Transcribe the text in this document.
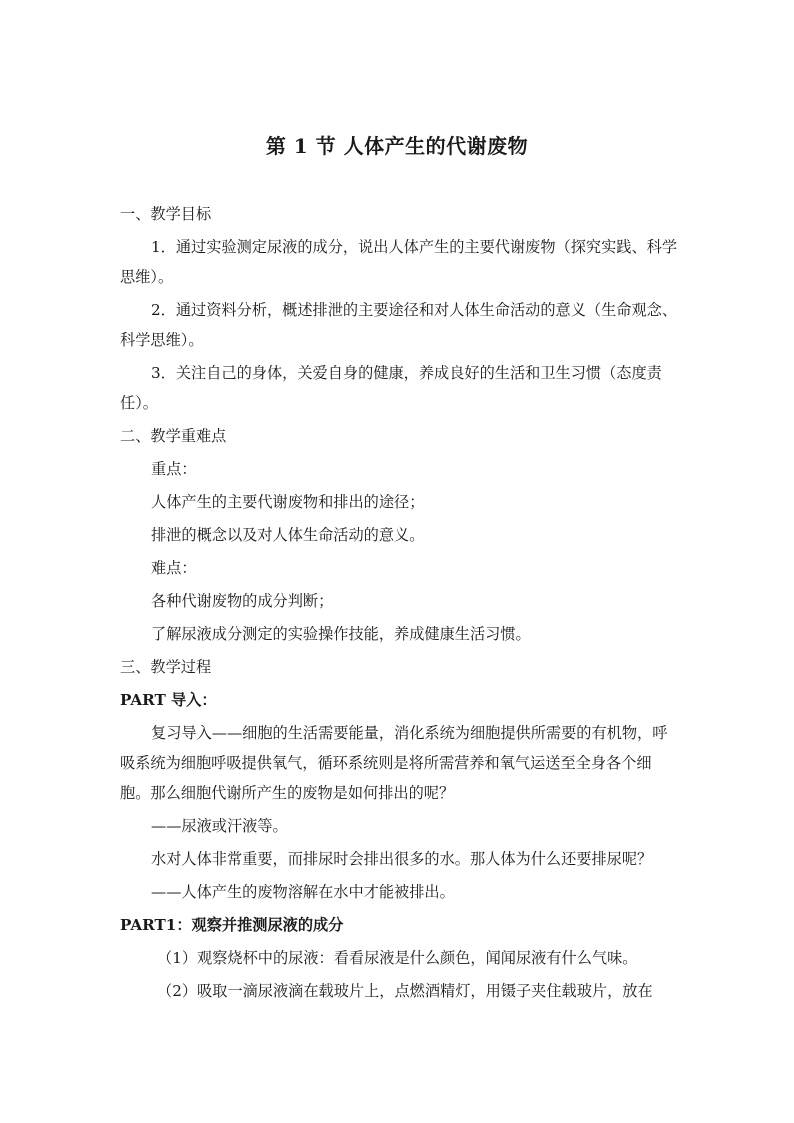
第 1 节 人体产生的代谢废物

一、教学目标

1．通过实验测定尿液的成分，说出人体产生的主要代谢废物（探究实践、科学思维）。

2．通过资料分析，概述排泄的主要途径和对人体生命活动的意义（生命观念、科学思维）。

3．关注自己的身体，关爱自身的健康，养成良好的生活和卫生习惯（态度责任）。

二、教学重难点

重点：

人体产生的主要代谢废物和排出的途径；

排泄的概念以及对人体生命活动的意义。

难点：

各种代谢废物的成分判断；

了解尿液成分测定的实验操作技能，养成健康生活习惯。

三、教学过程

PART 导入：

复习导入——细胞的生活需要能量，消化系统为细胞提供所需要的有机物，呼吸系统为细胞呼吸提供氧气，循环系统则是将所需营养和氧气运送至全身各个细胞。那么细胞代谢所产生的废物是如何排出的呢？

——尿液或汗液等。

水对人体非常重要，而排尿时会排出很多的水。那人体为什么还要排尿呢？

——人体产生的废物溶解在水中才能被排出。

PART1：观察并推测尿液的成分

（1）观察烧杯中的尿液：看看尿液是什么颜色，闻闻尿液有什么气味。

（2）吸取一滴尿液滴在载玻片上，点燃酒精灯，用镊子夹住载玻片，放在
